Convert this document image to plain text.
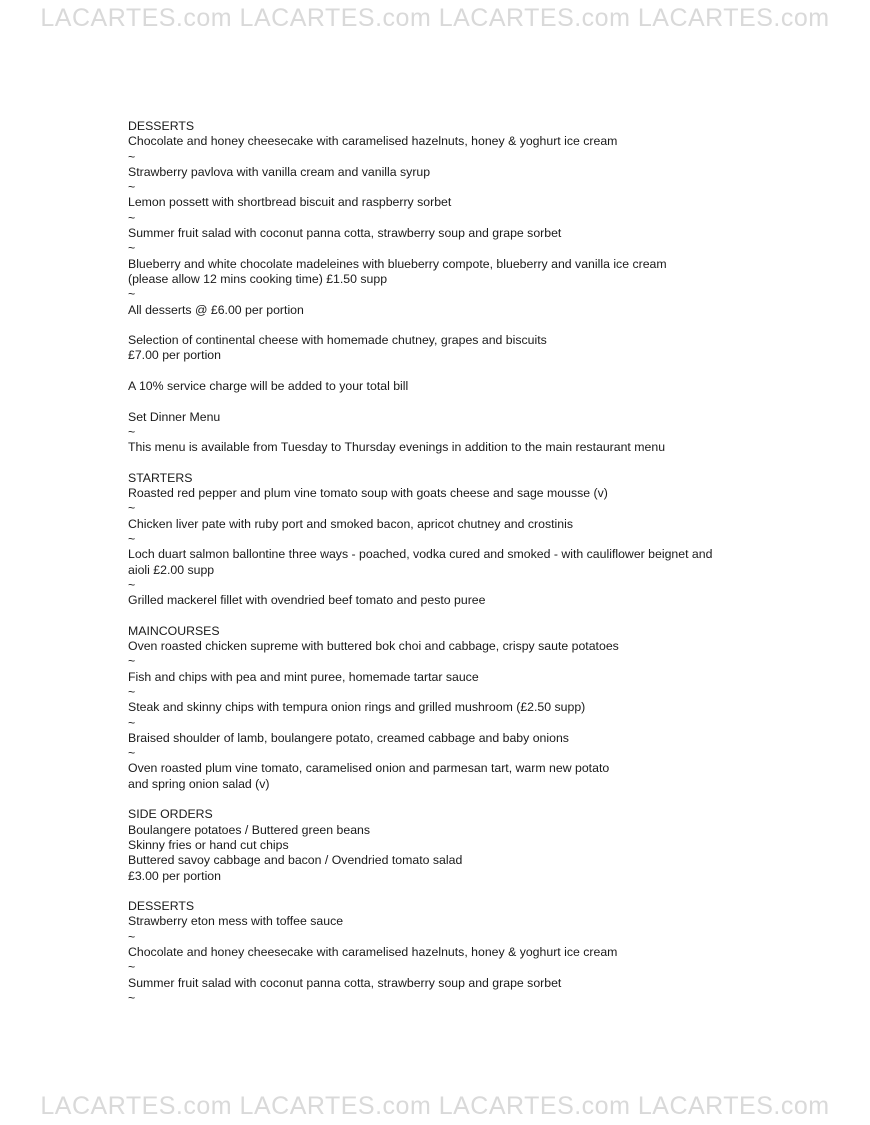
LACARTES.com LACARTES.com LACARTES.com LACARTES.com
DESSERTS
Chocolate and honey cheesecake with caramelised hazelnuts, honey & yoghurt ice cream
~
Strawberry pavlova with vanilla cream and vanilla syrup
~
Lemon possett with shortbread biscuit and raspberry sorbet
~
Summer fruit salad with coconut panna cotta, strawberry soup and grape sorbet
~
Blueberry and white chocolate madeleines with blueberry compote, blueberry and vanilla ice cream
(please allow 12 mins cooking time) £1.50 supp
~
All desserts @ £6.00 per portion
Selection of continental cheese with homemade chutney, grapes and biscuits
£7.00 per portion
A 10% service charge will be added to your total bill
Set Dinner Menu
~
This menu is available from Tuesday to Thursday evenings in addition to the main restaurant menu
STARTERS
Roasted red pepper and plum vine tomato soup with goats cheese and sage mousse (v)
~
Chicken liver pate with ruby port and smoked bacon, apricot chutney and crostinis
~
Loch duart salmon ballontine three ways - poached, vodka cured and smoked - with cauliflower beignet and
aioli £2.00 supp
~
Grilled mackerel fillet with ovendried beef tomato and pesto puree
MAINCOURSES
Oven roasted chicken supreme with buttered bok choi and cabbage, crispy saute potatoes
~
Fish and chips with pea and mint puree, homemade tartar sauce
~
Steak and skinny chips with tempura onion rings and grilled mushroom (£2.50 supp)
~
Braised shoulder of lamb, boulangere potato, creamed cabbage and baby onions
~
Oven roasted plum vine tomato, caramelised onion and parmesan tart, warm new potato
and spring onion salad (v)
SIDE ORDERS
Boulangere potatoes / Buttered green beans
Skinny fries or hand cut chips
Buttered savoy cabbage and bacon / Ovendried tomato salad
£3.00 per portion
DESSERTS
Strawberry eton mess with toffee sauce
~
Chocolate and honey cheesecake with caramelised hazelnuts, honey & yoghurt ice cream
~
Summer fruit salad with coconut panna cotta, strawberry soup and grape sorbet
~
LACARTES.com LACARTES.com LACARTES.com LACARTES.com
